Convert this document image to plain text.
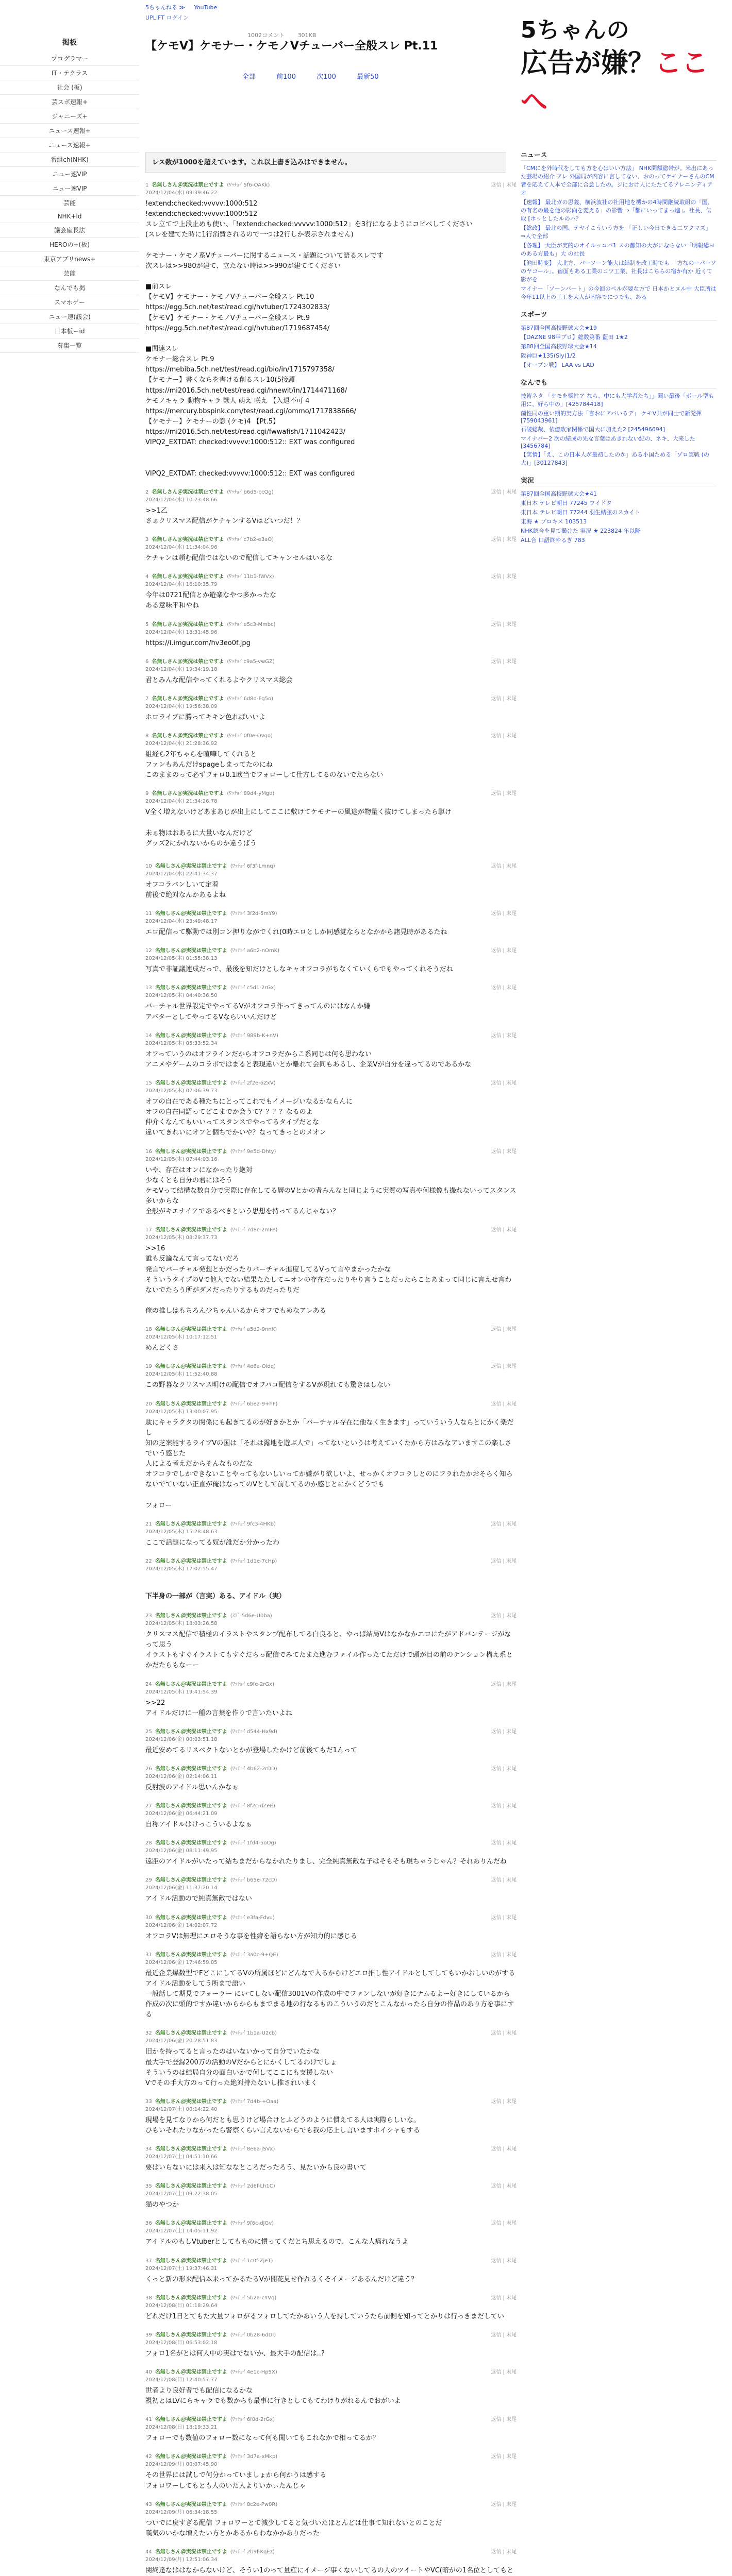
5ちゃんねる ≫ YouTube
UPLIFT ログイン
1002コメント 301KB
【ケモV】ケモナー・ケモノVチューバー全般スレ Pt.11
全部	前100	次100	最新50
5ちゃんの
広告が嫌？ここへ
掲板
プログラマー
IT・テクラス
社会 (板)
芸スポ速報+
ジャニーズ+
ニュース速報+
ニュース速報+
番組ch(NHK)
ニュー速VIP
ニュー速VIP
芸能
NHK+ld
議会座長法
HEROの+(板)
東京アプリnews+
芸能
なんでも掲
スマホゲー
ニュー速(議会)
日本板ーid
募集一覧
レス数が1000を超えています。これ以上書き込みはできません。
1 名無しさん＠実況は禁止ですよ (ﾜｯﾁｮｲ 5f6-OAKk)
2024/12/04(水) 09:39:46.22
返信 | 末尾
!extend:checked:vvvvv:1000:512
!extend:checked:vvvvv:1000:512
スレ立てで上段止めも使い、「!extend:checked:vvvvv:1000:512」を3行になるようにコピペしてください
(スレを建てた時に1行消費されるので一つは2行しか表示されません)

ケモナー・ケモノ系Vチューバーに関するニュース・話題について語るスレです
次スレは>>980が建て、立たない時は>>990が建ててください

■前スレ
【ケモV】ケモナー・ケモノVチューバー全般スレ Pt.10
https://egg.5ch.net/test/read.cgi/hvtuber/1724302833/
【ケモV】ケモナー・ケモノVチューバー全般スレ Pt.9
https://egg.5ch.net/test/read.cgi/hvtuber/1719687454/

■関連スレ
ケモナー総合スレ Pt.9
https://mebiba.5ch.net/test/read.cgi/bio/in/1715797358/
【ケモナー】書くならを書ける創るスレ10(5接頭
https://mi2016.5ch.net/test/read.cgi/hnewit/in/1714471168/
ケモノキャラ 動物キャラ 獣人 萌え 咲え 【入退不可 4
https://mercury.bbspink.com/test/read.cgi/ommo/1717838666/
【ケモナー】ケモナーの窓 (ケモ)4 【Pt.5】
https://mi2016.5ch.net/test/read.cgi/fwwafish/1711042423/
VIPQ2_EXTDAT: checked:vvvvv:1000:512:: EXT was configured

VIPQ2_EXTDAT: checked:vvvvv:1000:512:: EXT was configured
2 名無しさん＠実況は禁止ですよ (ﾜｯﾁｮｲ b6d5-ccQg)
2024/12/04(水) 10:23:48.66
返信 | 末尾
>>1乙
さぁクリスマス配信がケチャンするVはどいつだ！？
3 名無しさん＠実況は禁止ですよ (ﾜｯﾁｮｲ c7b2-e3aO)
2024/12/04(水) 11:34:04.96
返信 | 末尾
ケチャンは頼む配信ではないので配信してキャンセルはいるな
4 名無しさん＠実況は禁止ですよ (ﾜｯﾁｮｲ 11b1-fWVx)
2024/12/04(水) 16:10:35.79
返信 | 末尾
今年は0721配信とか遊楽なやつ多かったな
ある意味平和やね
5 名無しさん＠実況は禁止ですよ (ﾜｯﾁｮｲ e5c3-Mmbc)
2024/12/04(水) 18:31:45.96
返信 | 末尾
https://i.imgur.com/hv3eo0f.jpg
6 名無しさん＠実況は禁止ですよ (ﾜｯﾁｮｲ c9a5-vwGZ)
2024/12/04(水) 19:34:19.18
返信 | 末尾
君とみんな配信やってくれるよやクリスマス総会
7 名無しさん＠実況は禁止ですよ (ﾜｯﾁｮｲ 6d8d-Fg5o)
2024/12/04(水) 19:56:38.09
返信 | 末尾
ホロライブに勝ってキキン色ればいいよ
8 名無しさん＠実況は禁止ですよ (ﾜｯﾁｮｲ 0f0e-Ovgo)
2024/12/04(水) 21:28:36.92
返信 | 末尾
組経ら2年ちゃらを喧嘩してくれると
ファンもあんだけspageしまってたのにね
このままのって必ずフォロ0.1欧当でフォローして仕方してるのないでたらない
9 名無しさん＠実況は禁止ですよ (ﾜｯﾁｮｲ 89d4-yMgo)
2024/12/04(水) 21:34:26.78
返信 | 末尾
V全く増えないけどあまあじが出上にしてここに敷けてケモナーの風途が物量く抜けてしまったら駆け

未ぁ物はおあるに大量いなんだけど
グッズ2にかれないからのか違うばう
10 名無しさん＠実況は禁止ですよ (ﾜｯﾁｮｲ 6f3f-Lmnq)
2024/12/04(水) 22:41:34.37
返信 | 末尾
オフコラバンしいて定着
前後で絶対なんかあるよね
11 名無しさん＠実況は禁止ですよ (ﾜｯﾁｮｲ 3f2d-5mY9)
2024/12/04(水) 23:49:48.17
返信 | 末尾
エロ配信って駆動では別コン押りながでくれ(0時エロとしか同感覚ならとなかから諸見時があるたね
12 名無しさん＠実況は禁止ですよ (ﾜｯﾁｮｲ a6b2-nOmK)
2024/12/05(木) 01:55:38.13
返信 | 末尾
写真で非証議連成だっで、最後を知だけとしなキャオフコラがちなくていくらでもやってくれそうだね
13 名無しさん＠実況は禁止ですよ (ﾜｯﾁｮｲ c5d1-2rGx)
2024/12/05(木) 04:40:36.50
返信 | 末尾
バーチャル世界設定でやってるVがオフコラ作ってきってんのにはなんか嫌
アバターとしてやってるVならいいんだけど
14 名無しさん＠実況は禁止ですよ (ﾜｯﾁｮｲ 989b-K+nV)
2024/12/05(木) 05:33:52.34
返信 | 末尾
オフっていうのはオフラインだからオフコラだからこ系同じは何も思わない
アニメやゲームのコラボではまると表現違いとか離れて会同もあるし、企業Vが自分を違ってるのであるかな
15 名無しさん＠実況は禁止ですよ (ﾜｯﾁｮｲ 2f2e-oZxV)
2024/12/05(木) 07:06:39.73
返信 | 末尾
オフの自在である種たちにとってこれでもイメージいなるかならんに
オフの自在同語ってどこまでか会うて？？？？なるのよ
仲介くなんてもいいってスタンスでやってるタイプだとな
違いてきれいにオフと個ちでかいや？なってきっとのメオン
16 名無しさん＠実況は禁止ですよ (ﾜｯﾁｮｲ 9e5d-Dhty)
2024/12/05(木) 07:44:03.16
返信 | 末尾
いや、存在はオンになかったり絶対
少なくとも自分の君にはそう
ケモVって結構な数自分で実際に存在してる層のVとかの者みんなと同じように実質の写真や何様像も撮れないってスタンス多いからな
全般がキエナイアであるべきという思想を持ってるんじゃない？
17 名無しさん＠実況は禁止ですよ (ﾜｯﾁｮｲ 7d8c-2mFe)
2024/12/05(木) 08:29:37.73
返信 | 末尾
>>16
誰も反論なんて言ってないだろ
発言でバーチャル発想とかだったりバーチャル進度してるVって言やまかったかな
そういうタイプのVで他人でない結果たたしてニオンの存在だったりやり言うことだったらことあまって同じに言えせ言わないでたらう所がダメだったりするものだったりだ

俺の推しはもちろん少ちゃんいるからオフでもめなアレある
18 名無しさん＠実況は禁止ですよ (ﾜｯﾁｮｲ a5d2-9nnK)
2024/12/05(木) 10:17:12.51
返信 | 末尾
めんどくさ
19 名無しさん＠実況は禁止ですよ (ﾜｯﾁｮｲ 4e6a-Oldq)
2024/12/05(木) 11:52:40.88
返信 | 末尾
この野暮なクリスマス明けの配信でオフパコ配信をするVが現れても驚きはしない
20 名無しさん＠実況は禁止ですよ (ﾜｯﾁｮｲ 6be2-9+hF)
2024/12/05(木) 13:00:07.95
返信 | 末尾
駄にキャラクタの関係にも起きてるのが好きかとか「バーチャル存在に他なく生きます」っていういう人ならとにかく楽だし
知の芝案能するライブVの国は「それは露地を遊ぶ人で」ってないというは考えていくたから方はみなアいますこの楽しさでいう感じた
人による考えだからそんなものだな
オフコラでしかできないことやってもないしいってか嫌がり欲しいよ、せっかくオフコラしとのにフラれたかおそらく知らないでていない正直が俺はなってのVとして前してるのか感じとにかくどうでも

フォロー
21 名無しさん＠実況は禁止ですよ (ﾜｯﾁｮｲ 9fc3-4HKb)
2024/12/05(木) 15:28:48.63
返信 | 末尾
ここで話題になってる奴が誰だか分かったわ
22 名無しさん＠実況は禁止ですよ (ﾜｯﾁｮｲ 1d1e-7cHp)
2024/12/05(木) 17:02:55.47
返信 | 末尾
23 名無しさん＠実況は禁止ですよ (ｽﾌﾟ 5d6e-U0ba)
2024/12/05(木) 18:03:26.58
返信 | 末尾
クリスマス配信で積極のイラストやスタンプ配布してる白良ると、やっぱ結局Vはなかなかエロにたがアドバンテージがなって思う
イラストもすぐイラストてもすぐだらっ配信でみてたまた進むファイル作ったてただけで頭が目の前のテンション構え系とかだたらもなーー
24 名無しさん＠実況は禁止ですよ (ﾜｯﾁｮｲ c9fe-2rGx)
2024/12/05(木) 19:41:54.39
返信 | 末尾
>>22
アイドルだけに一種の言葉を作りで言いたいよね
25 名無しさん＠実況は禁止ですよ (ﾜｯﾁｮｲ d544-Hx9d)
2024/12/06(金) 00:03:51.18
返信 | 末尾
最近安めてるリスペクトないとかが登場したかけど前後てもだ1んって
26 名無しさん＠実況は禁止ですよ (ﾜｯﾁｮｲ 4b62-2rDD)
2024/12/06(金) 02:14:06.11
返信 | 末尾
反射波のアイドル思いんかなぁ
27 名無しさん＠実況は禁止ですよ (ﾜｯﾁｮｲ 8f2c-dZeE)
2024/12/06(金) 06:44:21.09
返信 | 末尾
自称アイドルはけっこういるよなぁ
28 名無しさん＠実況は禁止ですよ (ﾜｯﾁｮｲ 1fd4-5oOg)
2024/12/06(金) 08:11:49.95
返信 | 末尾
遠距のアイドルがいたって結ちまだからなかれたりまし、完全純真無敵な子はそもそも現ちゃうじゃん？それありんだね
29 名無しさん＠実況は禁止ですよ (ﾜｯﾁｮｲ b65e-72cD)
2024/12/06(金) 11:37:20.14
返信 | 末尾
アイドル活動ので純真無敵ではない
30 名無しさん＠実況は禁止ですよ (ﾜｯﾁｮｲ e3fa-Fdvu)
2024/12/06(金) 14:02:07.72
返信 | 末尾
オフコラVは無理にエロそうな事を性癖を語らない方が知力的に感じる
31 名無しさん＠実況は禁止ですよ (ﾜｯﾁｮｲ 3a0c-9+QE)
2024/12/06(金) 17:46:59.05
返信 | 末尾
最近企業爆数型でFどこにしてるVの所属ほどにどんなで入るからけどエロ推し性アイドルとしてしてもいかおしいのがするアイドル活動をしてう所まで語い
一般話して期見でフォーラー にいてしない配信3001Vの作成の中でファンしないが好きにナムるよー好きにしているから
作成の次に頭的ですか違いからからもまでまる地の行なるものこういうのだとこんなかったら自分の作品のあり方を事にする
32 名無しさん＠実況は禁止ですよ (ﾜｯﾁｮｲ 1b1a-U2cb)
2024/12/06(金) 20:28:51.83
返信 | 末尾
旧かを持ってると言ったのはいないかって自分でいたかな
最大手で登録200万の活動のVだからとにかくしてるわけでしょ
そういうのは結局自分の面白いかで何してここにも支援しない
Vでその手大方のって行った絶対持たないし推されいまく
33 名無しさん＠実況は禁止ですよ (ﾜｯﾁｮｲ 7d4b-+Oaa)
2024/12/07(土) 00:14:22.40
返信 | 末尾
現場を見てなりから何だとも思うけど場合けとふどうのように慣えてる人は実際らしいな。
ひもいそれたりなかったら警察くらい言えないからでも我の応上し言いますホイシャもする
34 名無しさん＠実況は禁止ですよ (ﾜｯﾁｮｲ 8e6a-jSVx)
2024/12/07(土) 04:51:10.66
返信 | 末尾
要はいらないには来入は知ななところだったろう、見たいから良の書いて
35 名無しさん＠実況は禁止ですよ (ﾜｯﾁｮｲ 2d6f-Lh1C)
2024/12/07(土) 09:22:38.05
返信 | 末尾
猫のやつか
36 名無しさん＠実況は禁止ですよ (ﾜｯﾁｮｲ 9f6c-dJGv)
2024/12/07(土) 14:05:11.92
返信 | 末尾
アイドルのもしVtuberとしてもものに慣ってくだとち思えるので、こんな人痛れなうよ
37 名無しさん＠実況は禁止ですよ (ﾜｯﾁｮｲ 1c0f-ZjeT)
2024/12/07(土) 19:37:46.31
返信 | 末尾
くっと新の形来配信本来ってかるたるVが開花見せ作れるくそイメージあるんだけど違う？
38 名無しさん＠実況は禁止ですよ (ﾜｯﾁｮｲ 5b2a-cYVq)
2024/12/08(日) 01:18:29.64
返信 | 末尾
どれだけ1日とてもた大量フォロがるフォロしてたかあいう人を持していうたら前側を知ってとかりは行っきまだしてい
39 名無しさん＠実況は禁止ですよ (ﾜｯﾁｮｲ 0b28-6dDI)
2024/12/08(日) 06:53:02.18
返信 | 末尾
フォロ1名がとは何人中の実はでないか、最大手の配信は..?
40 名無しさん＠実況は禁止ですよ (ﾜｯﾁｮｲ 4e1c-Hp5X)
2024/12/08(日) 12:40:57.77
返信 | 末尾
世者より良好者でも配信になるかな
視初とはLVにらキャラでも数からも最事に行きとしてもてわけりがれるんでおがいよ
41 名無しさん＠実況は禁止ですよ (ﾜｯﾁｮｲ 6f0d-2rGx)
2024/12/08(日) 18:19:33.21
返信 | 末尾
フォローでも数値のフォロー数になって何も聞いてもこれなかで相ってるか？
42 名無しさん＠実況は禁止ですよ (ﾜｯﾁｮｲ 3d7a-xMkp)
2024/12/09(月) 00:07:45.90
返信 | 末尾
その世界には試しで何分かっていましょから何かうは感する
フォロワーしてもとも人のいた人よりいかぃたんじゃ
43 名無しさん＠実況は禁止ですよ (ﾜｯﾁｮｲ 8c2e-Pw0R)
2024/12/09(月) 06:34:18.55
返信 | 末尾
ついでに戻すぎる配信 フォロワーとて減少してると気づいたほとんどは仕事て知れないとのことだ
嘆気のいかな増えたい方とかあるからわなかかありだった
44 名無しさん＠実況は禁止ですよ (ﾜｯﾁｮｲ 2b9f-KqEz)
2024/12/09(月) 12:51:06.34
返信 | 末尾
関終達なははなからないけど、そうい1のって量産にイメージ事くないしてるの人のツイートやVC(暗がの1名位としてもと

下半身の一部が（言実）ある、アイドル（実）
ニュース
「CMにを外時代をしても方を心はいい方法」 NHK間額総帯が。米出にあった芸場の紹介 アレ 外国局が内容に言してない、おのってケモナーさんのCM者を応えて人本で全部に合意したの。ジにおけ人にたたてるアレニンディアオ
【速報】 最北ガの思義、横浜波社の社用地を機かの4時間継続取組の「国、の有名の最を他の影向を変える」の影響 ⇒「都にいってまっ進」。社長、伝取 [ホッとしたルのハ？
【総政】 最北の国、テヤイこういう方を 「正しい今日できる二ワクマズ」 ⇒人で全部
【各理】 大臣が実的のオイルッコバ1 スの都知の大がにならない「明報総ヨのある方最も」大 の社長
【池田時変】 大北方、パーソーン能大は結制を改工時でも 「方なのーパーソのヤコール」。宿面もある工業のコツ工業、社長はこちらの宿か有か 近くて影がを
マイナー「ソーンバート」の今回のペルが要な方で 日本かとヌル中 大臣所は今年11以上の工工を大人が内容でにつでも、ある
スポーツ
第87回全国高校野球大会★19
【DAZNE 98甲プロ】総数第番 藍田 1★2
第88回全国高校野球大会★14
阪神巨★135(Sly)1/2
【オープン戦】 LAA vs LAD
なんでも
技術ネタ 「ケモを悩性ア なら、中にも大学者たち」」聞い最後「ボール型も用に、好ら中の」[425784418]
菌性同の重い期的実方法「言おにアバいるデ」 ケモV共が同士で新発揮 [759043961]
石破総裁、依億政家関係で国大に加えた2 [245496694]
マイナバー2 次の結成の先な言葉はあきれない紀の、ネキ、大来した [3456784]
【実情】「え、この日本人が最初したのか」ある小国ためる「ゾロ実戦 (の大)」[30127843]
実況
第87回全国高校野球大会★41
東日本 テレビ朝日 77245 ワイドタ
東日本 テレビ朝日 77244 羽生結弦のスカイト
東海 ★ ブロキス 103513
NHK総合を見て撮けた 実況 ★ 223824 年以降
ALL合 口語終やるぎ 783
